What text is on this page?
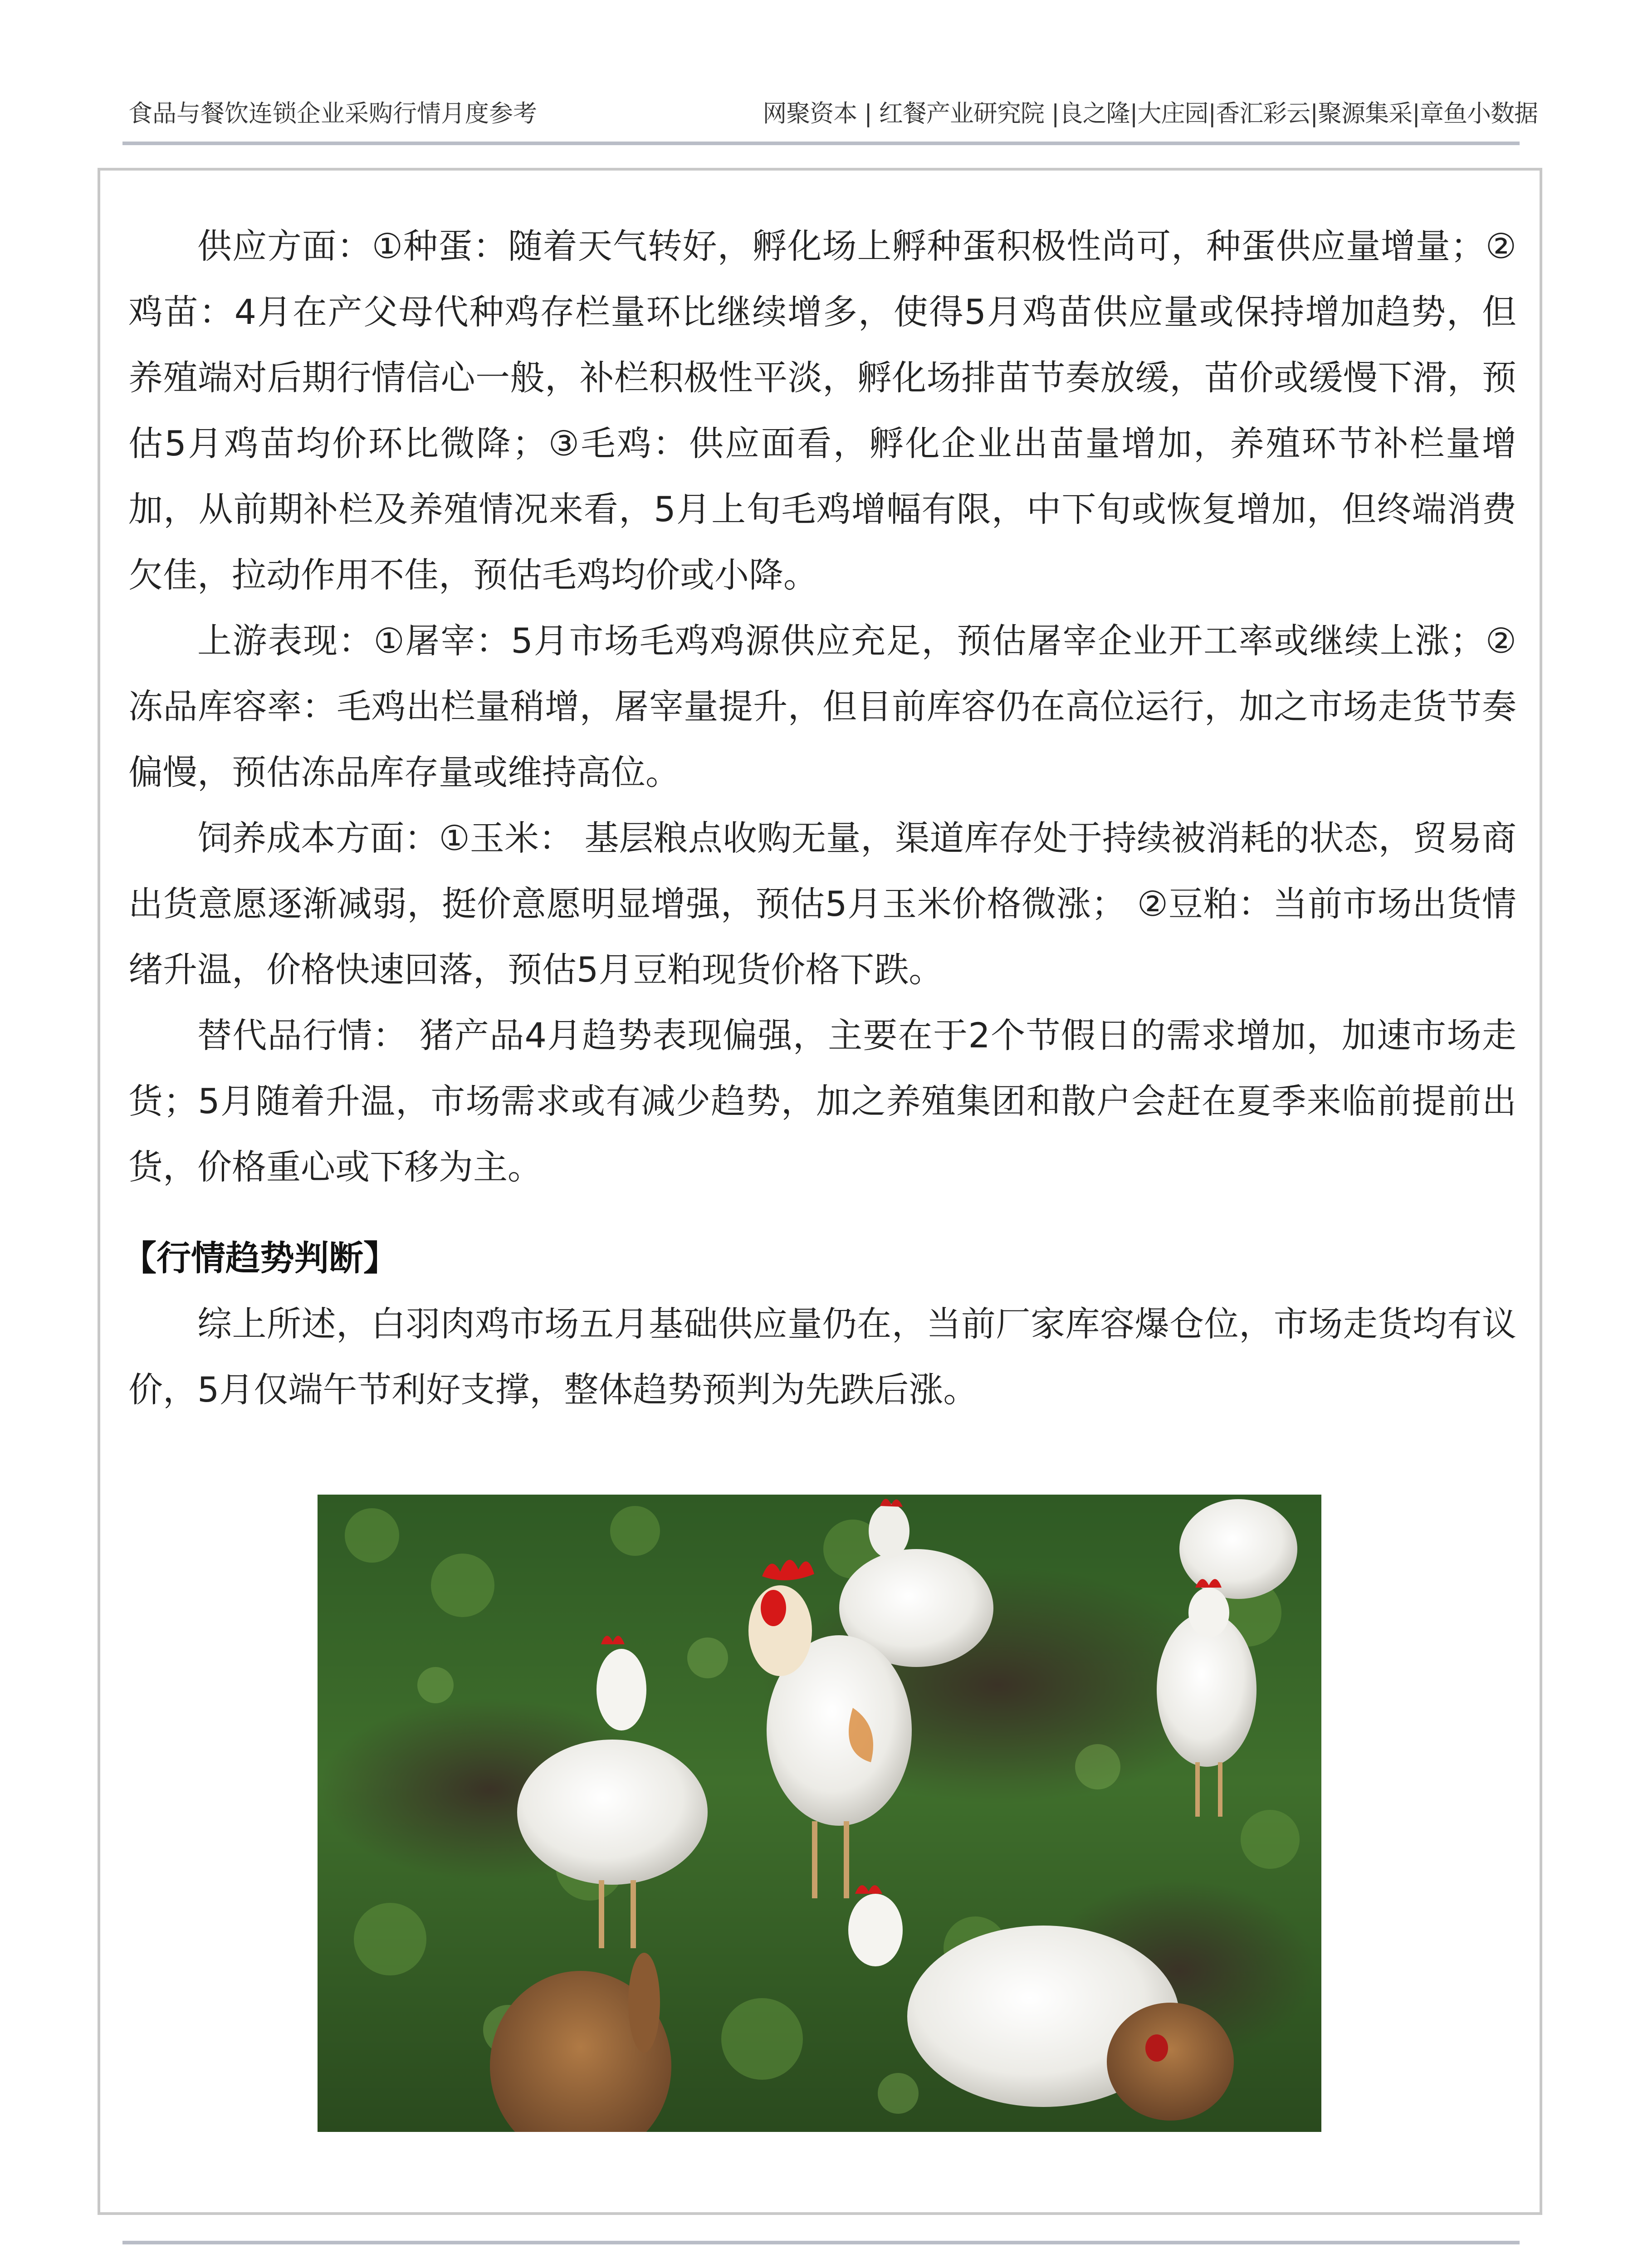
食品与餐饮连锁企业采购行情月度参考	网聚资本 | 红餐产业研究院 |良之隆|大庄园|香汇彩云|聚源集采|章鱼小数据

供应方面：①种蛋：随着天气转好，孵化场上孵种蛋积极性尚可，种蛋供应量增量；②鸡苗：4月在产父母代种鸡存栏量环比继续增多，使得5月鸡苗供应量或保持增加趋势，但养殖端对后期行情信心一般，补栏积极性平淡，孵化场排苗节奏放缓，苗价或缓慢下滑，预估5月鸡苗均价环比微降；③毛鸡：供应面看，孵化企业出苗量增加，养殖环节补栏量增加，从前期补栏及养殖情况来看，5月上旬毛鸡增幅有限，中下旬或恢复增加，但终端消费欠佳，拉动作用不佳，预估毛鸡均价或小降。

上游表现：①屠宰：5月市场毛鸡鸡源供应充足，预估屠宰企业开工率或继续上涨；②冻品库容率：毛鸡出栏量稍增，屠宰量提升，但目前库容仍在高位运行，加之市场走货节奏偏慢，预估冻品库存量或维持高位。

饲养成本方面：①玉米： 基层粮点收购无量，渠道库存处于持续被消耗的状态，贸易商出货意愿逐渐减弱，挺价意愿明显增强，预估5月玉米价格微涨； ②豆粕：当前市场出货情绪升温，价格快速回落，预估5月豆粕现货价格下跌。

替代品行情： 猪产品4月趋势表现偏强，主要在于2个节假日的需求增加，加速市场走货；5月随着升温，市场需求或有减少趋势，加之养殖集团和散户会赶在夏季来临前提前出货，价格重心或下移为主。

【行情趋势判断】

综上所述，白羽肉鸡市场五月基础供应量仍在，当前厂家库容爆仓位，市场走货均有议价，5月仅端午节利好支撑，整体趋势预判为先跌后涨。
